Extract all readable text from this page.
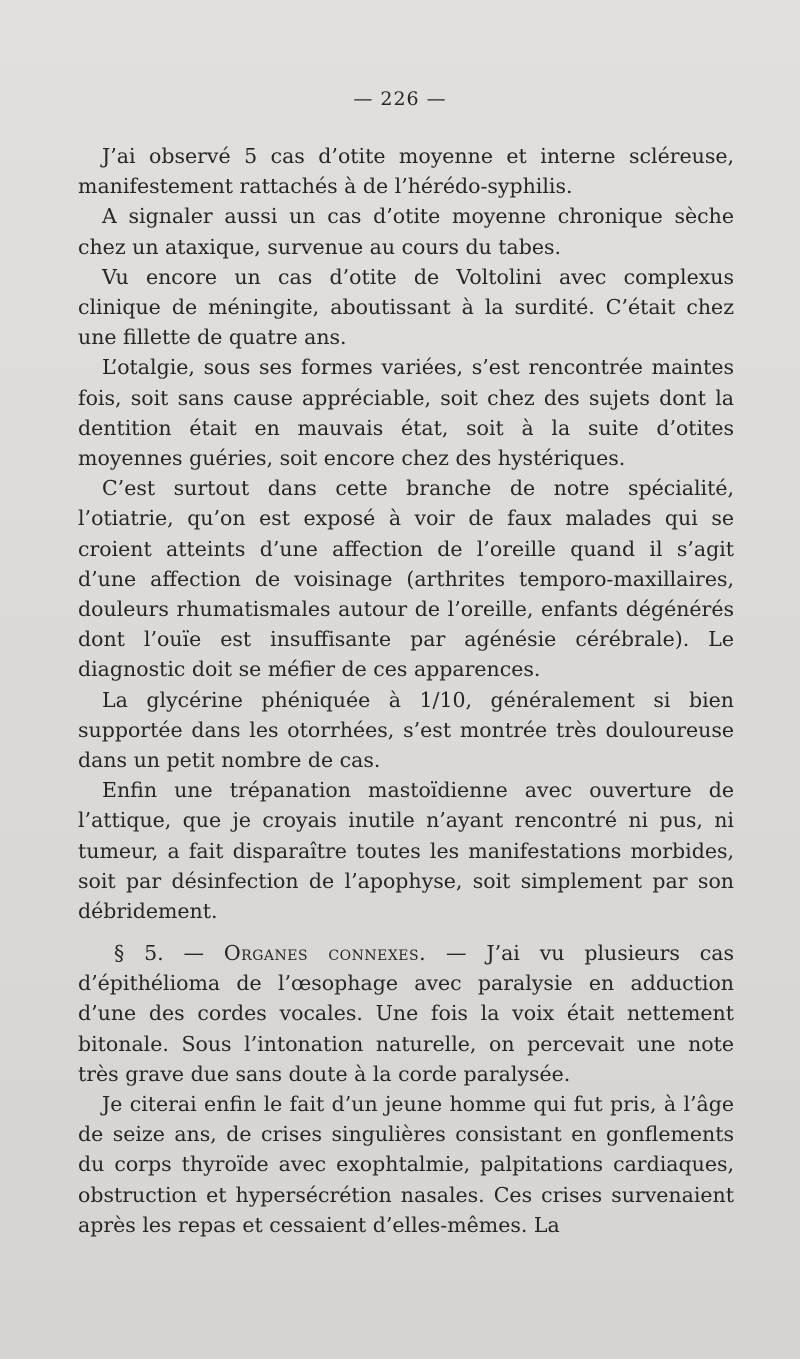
— 226 —

J’ai observé 5 cas d’otite moyenne et interne scléreuse, manifestement rattachés à de l’hérédo-syphilis.

A signaler aussi un cas d’otite moyenne chronique sèche chez un ataxique, survenue au cours du tabes.

Vu encore un cas d’otite de Voltolini avec complexus clinique de méningite, aboutissant à la surdité. C’était chez une fillette de quatre ans.

L’otalgie, sous ses formes variées, s’est rencontrée maintes fois, soit sans cause appréciable, soit chez des sujets dont la dentition était en mauvais état, soit à la suite d’otites moyennes guéries, soit encore chez des hystériques.

C’est surtout dans cette branche de notre spécialité, l’otiatrie, qu’on est exposé à voir de faux malades qui se croient atteints d’une affection de l’oreille quand il s’agit d’une affection de voisinage (arthrites temporo-maxillaires, douleurs rhumatismales autour de l’oreille, enfants dégénérés dont l’ouïe est insuffisante par agénésie cérébrale). Le diagnostic doit se méfier de ces apparences.

La glycérine phéniquée à 1/10, généralement si bien supportée dans les otorrhées, s’est montrée très douloureuse dans un petit nombre de cas.

Enfin une trépanation mastoïdienne avec ouverture de l’attique, que je croyais inutile n’ayant rencontré ni pus, ni tumeur, a fait disparaître toutes les manifestations morbides, soit par désinfection de l’apophyse, soit simplement par son débridement.

§ 5. — Organes connexes. — J’ai vu plusieurs cas d’épithélioma de l’œsophage avec paralysie en adduction d’une des cordes vocales. Une fois la voix était nettement bitonale. Sous l’intonation naturelle, on percevait une note très grave due sans doute à la corde paralysée.

Je citerai enfin le fait d’un jeune homme qui fut pris, à l’âge de seize ans, de crises singulières consistant en gonflements du corps thyroïde avec exophtalmie, palpitations cardiaques, obstruction et hypersécrétion nasales. Ces crises survenaient après les repas et cessaient d’elles-mêmes. La
